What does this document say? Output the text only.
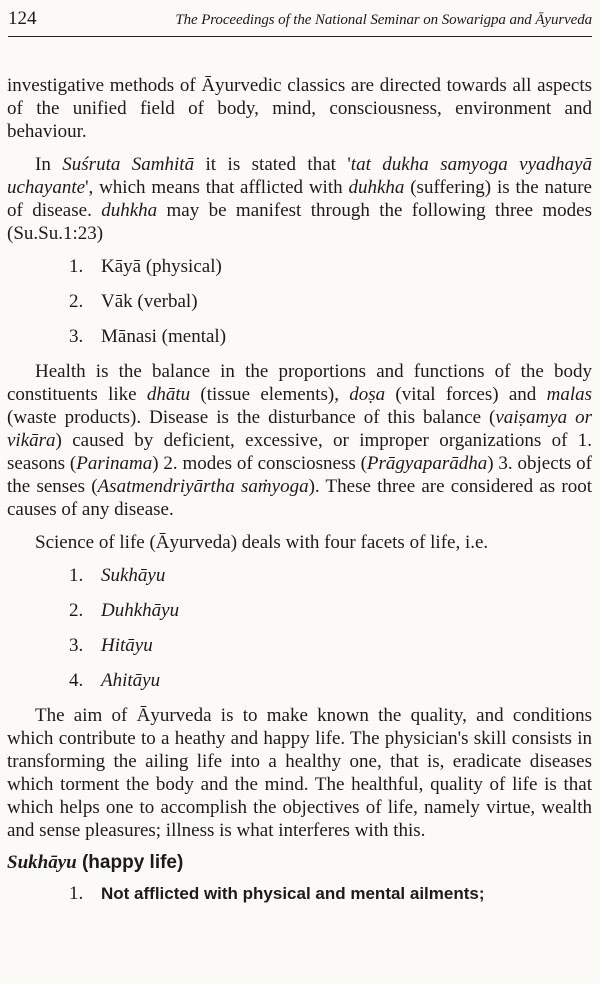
124	The Proceedings of the National Seminar on Sowarigpa and Āyurveda

investigative methods of Āyurvedic classics are directed towards all aspects of the unified field of body, mind, consciousness, environment and behaviour.

In Suśruta Samhitā it is stated that 'tat dukha samyoga vyadhayā uchayante', which means that afflicted with duhkha (suffering) is the nature of disease. duhkha may be manifest through the following three modes (Su.Su.1:23)

1. Kāyā (physical)
2. Vāk (verbal)
3. Mānasi (mental)

Health is the balance in the proportions and functions of the body constituents like dhātu (tissue elements), doṣa (vital forces) and malas (waste products). Disease is the disturbance of this balance (vaiṣamya or vikāra) caused by deficient, excessive, or improper organizations of 1. seasons (Parinama) 2. modes of consciosness (Prāgyaparādha) 3. objects of the senses (Asatmendriyārtha saṁyoga). These three are considered as root causes of any disease.

Science of life (Āyurveda) deals with four facets of life, i.e.

1. Sukhāyu
2. Duhkhāyu
3. Hitāyu
4. Ahitāyu

The aim of Āyurveda is to make known the quality, and conditions which contribute to a heathy and happy life. The physician's skill consists in transforming the ailing life into a healthy one, that is, eradicate diseases which torment the body and the mind. The healthful, quality of life is that which helps one to accomplish the objectives of life, namely virtue, wealth and sense pleasures; illness is what interferes with this.

Sukhāyu (happy life)
1. Not afflicted with physical and mental ailments;
